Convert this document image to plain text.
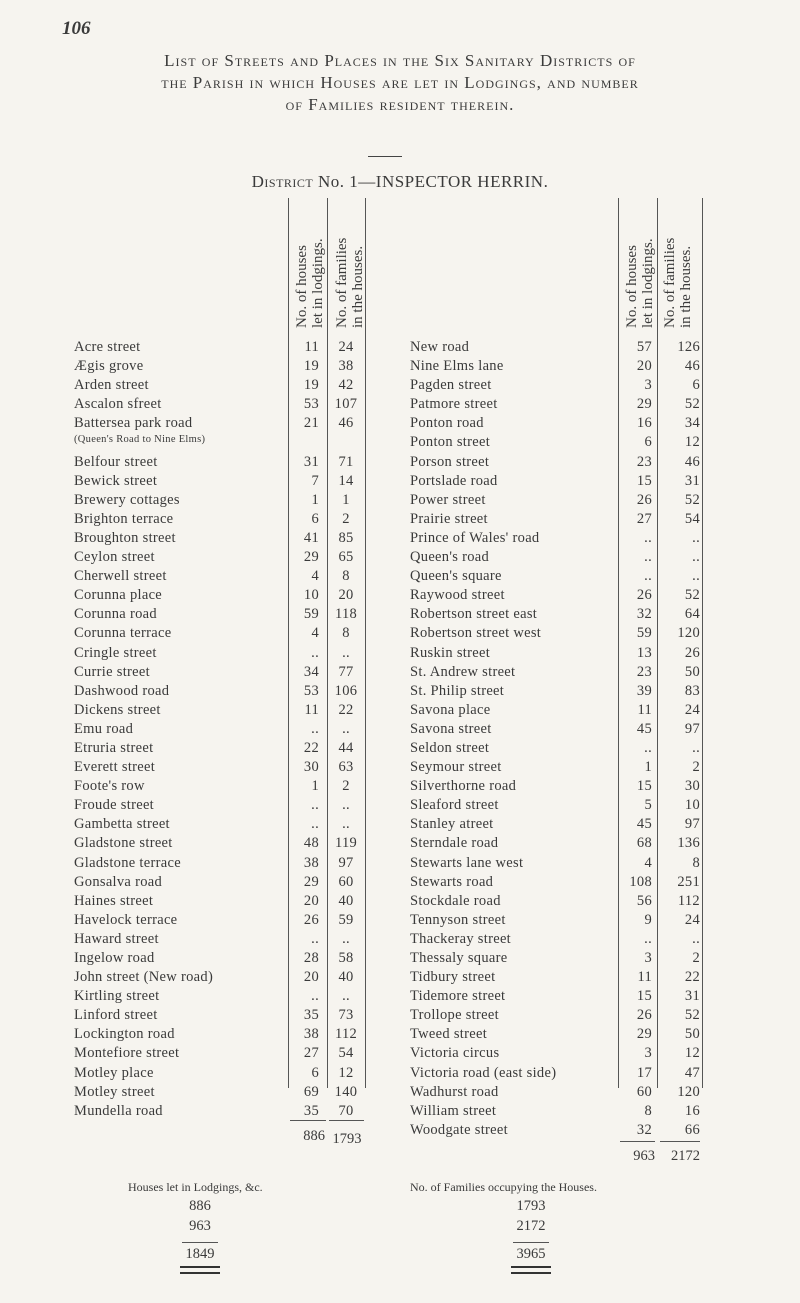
106
List of Streets and Places in the Six Sanitary Districts of
the Parish in which Houses are let in Lodgings, and number
of Families resident therein.
District No. 1—INSPECTOR HERRIN.
No. of houses let in lodgings. No. of families in the houses.	No. of houses let in lodgings. No. of families in the houses.
Acre street	11	24
Ægis grove	19	38
Arden street	19	42
Ascalon sfreet	53	107
Battersea park road	21	46
(Queen's Road to Nine Elms)
Belfour street	31	71
Bewick street	7	14
Brewery cottages	1	1
Brighton terrace	6	2
Broughton street	41	85
Ceylon street	29	65
Cherwell street	4	8
Corunna place	10	20
Corunna road	59	118
Corunna terrace	4	8
Cringle street	..	..
Currie street	34	77
Dashwood road	53	106
Dickens street	11	22
Emu road	..	..
Etruria street	22	44
Everett street	30	63
Foote's row	1	2
Froude street	..	..
Gambetta street	..	..
Gladstone street	48	119
Gladstone terrace	38	97
Gonsalva road	29	60
Haines street	20	40
Havelock terrace	26	59
Haward street	..	..
Ingelow road	28	58
John street (New road)	20	40
Kirtling street	..	..
Linford street	35	73
Lockington road	38	112
Montefiore street	27	54
Motley place	6	12
Motley street	69	140
Mundella road	35	70
New road	57	126
Nine Elms lane	20	46
Pagden street	3	6
Patmore street	29	52
Ponton road	16	34
Ponton street	6	12
Porson street	23	46
Portslade road	15	31
Power street	26	52
Prairie street	27	54
Prince of Wales' road	..	..
Queen's road	..	..
Queen's square	..	..
Raywood street	26	52
Robertson street east	32	64
Robertson street west	59	120
Ruskin street	13	26
St. Andrew street	23	50
St. Philip street	39	83
Savona place	11	24
Savona street	45	97
Seldon street	..	..
Seymour street	1	2
Silverthorne road	15	30
Sleaford street	5	10
Stanley atreet	45	97
Sterndale road	68	136
Stewarts lane west	4	8
Stewarts road	108	251
Stockdale road	56	112
Tennyson street	9	24
Thackeray street	..	..
Thessaly square	3	2
Tidbury street	11	22
Tidemore street	15	31
Trollope street	26	52
Tweed street	29	50
Victoria circus	3	12
Victoria road (east side)	17	47
Wadhurst road	60	120
William street	8	16
Woodgate street	32	66
886 1793
963	2172
Houses let in Lodgings, &c.
886
963
1849
No. of Families occupying the Houses.
1793
2172
3965
